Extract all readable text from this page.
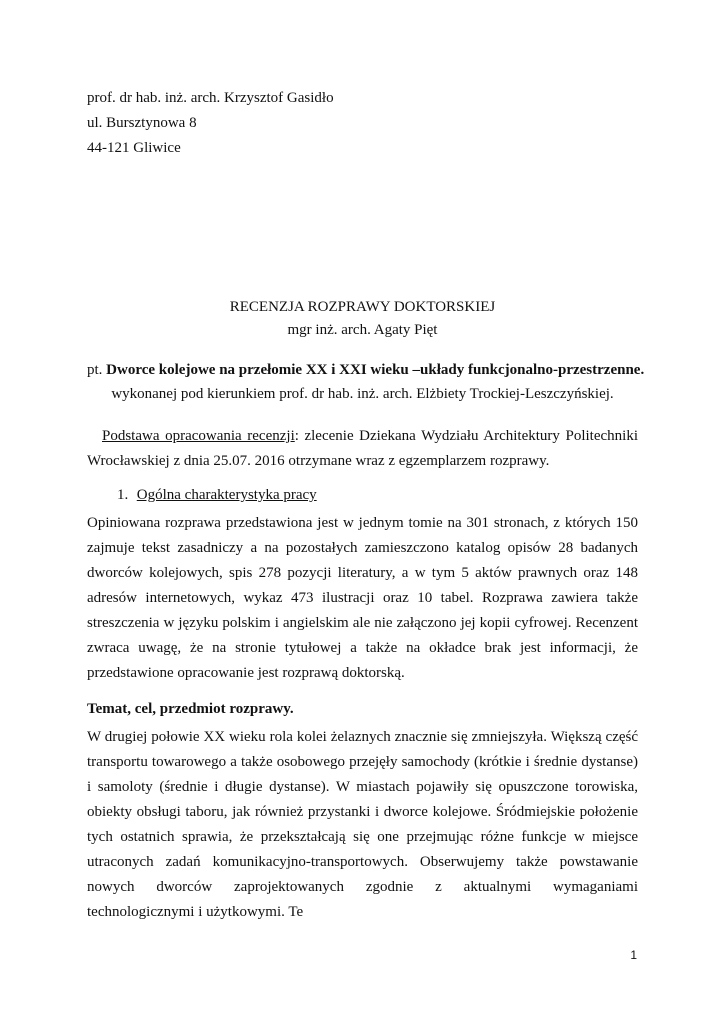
prof. dr hab. inż. arch. Krzysztof Gasidło
ul. Bursztynowa 8
44-121 Gliwice
RECENZJA ROZPRAWY DOKTORSKIEJ
mgr inż. arch. Agaty Pięt
pt. Dworce kolejowe na przełomie XX i XXI wieku –układy funkcjonalno-przestrzenne.
wykonanej pod kierunkiem prof. dr hab. inż. arch. Elżbiety Trockiej-Leszczyńskiej.
Podstawa opracowania recenzji: zlecenie Dziekana Wydziału Architektury Politechniki Wrocławskiej z dnia 25.07. 2016 otrzymane wraz z egzemplarzem rozprawy.
1. Ogólna charakterystyka pracy
Opiniowana rozprawa przedstawiona jest w jednym tomie na 301 stronach, z których 150 zajmuje tekst zasadniczy a na pozostałych zamieszczono katalog opisów 28 badanych dworców kolejowych, spis 278 pozycji literatury, a w tym 5 aktów prawnych oraz 148 adresów internetowych, wykaz 473 ilustracji oraz 10 tabel. Rozprawa zawiera także streszczenia w języku polskim i angielskim ale nie załączono jej kopii cyfrowej. Recenzent zwraca uwagę, że na stronie tytułowej a także na okładce brak jest informacji, że przedstawione opracowanie jest rozprawą doktorską.
Temat, cel, przedmiot rozprawy.
W drugiej połowie XX wieku rola kolei żelaznych znacznie się zmniejszyła. Większą część transportu towarowego a także osobowego przejęły samochody (krótkie i średnie dystanse) i samoloty (średnie i długie dystanse). W miastach pojawiły się opuszczone torowiska, obiekty obsługi taboru, jak również przystanki i dworce kolejowe. Śródmiejskie położenie tych ostatnich sprawia, że przekształcają się one przejmując różne funkcje w miejsce utraconych zadań komunikacyjno-transportowych. Obserwujemy także powstawanie nowych dworców zaprojektowanych zgodnie z aktualnymi wymaganiami technologicznymi i użytkowymi. Te
1
